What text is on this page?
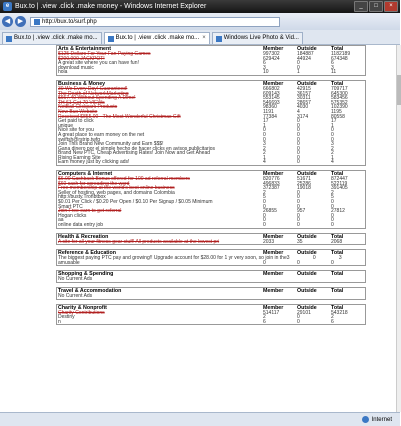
e Bux.to | .view .click .make money - Windows Internet Explorer	_	□	×
◀	▶	http://bux.to/surf.php
Bux.to | .view .click .make mo...	Bux.to | .view .click .make mo... ×	Windows Live Photo & Vid...
Arts & Entertainment	Member	Outside	Total
$125 Dollars For Your Fan Paying Games	997302	184887	1182189
$200,000 JACKPOT!	629424	44924	674348
A great site where you can have fun!	6	0	6
download music	3	0	3
hola	10	1	11
Business & Money	Member	Outside	Total
30 We Every Day! Guaranteed!	666802	42915	709717
The Death of NetworkMarketing	609143	36157	645300
$667.40 Without Spending A Dime!	553145	30311	583456
TH 61 Get 79 VIEWs	546693	28657	575352
NetBall Clickpark Products	98360	4030	102390
New Bux Website	1191	4	1195
Received $855.00 - The Most Wonderful Christmas Gift	77384	3174	80558
Get paid to click	17	0	17
unique	1	0	1
Nice site for you	0	0	0
A great place to earn money on the net	0	0	0
swiftsh@rstrip.twfg	0	0	0
Join This Brand New Community and Earn $$$!	3	0	3
Gana dinero por el simple hecho de hacer clicks en avisos publicitarios	2	0	2
Brand New PTC, Cheap Advertising Rates! Join Now and Get Ahead	2	0	2
Rising Earning Site	1	0	1
Earn money just by clicking ads!	4	0	4
Computers & Internet	Member	Outside	Total
$6.00 Cashback Bonus offered for 100 ad referral members	820776	51671	872447
$60 cash for spreading the word	496833	25286	522119
Free membership at the world's best online business	372387	19018	391405
Seller of hosting, web pages, and domains Colombia	2	0	2
http://busty.Tronbtbox	5	0	5
$0.01 Per Click / $0.20 Per Open / $0.10 Per Signup / $0.05 Minimum	0	0	0
Smart PTC	0	0	0
Join Free earn to get referral	26855	957	27812
Hogan clicks	0	0	0
aa	0	0	0
online data entry job	0	0	0
Health & Recreation	Member	Outside	Total
A site for all your fitness gear stuff! All products available at the lowest pri	2033	35	2068
Reference & Education	Member	Outside	Total
The biggest paying PTC pay and growing!! Upgrade account for $28.00 for 1 yr very soon, so join in the 3	0	3
amusable	0	0	0
Shopping & Spending	Member	Outside	Total
No Current Ads
Travel & Accommodation	Member	Outside	Total
No Current Ads
Charity & Nonprofit	Member	Outside	Total
Charity Contributions	514117	29101	543218
Destiny	2	0	2
n	6	0	6
Internet
